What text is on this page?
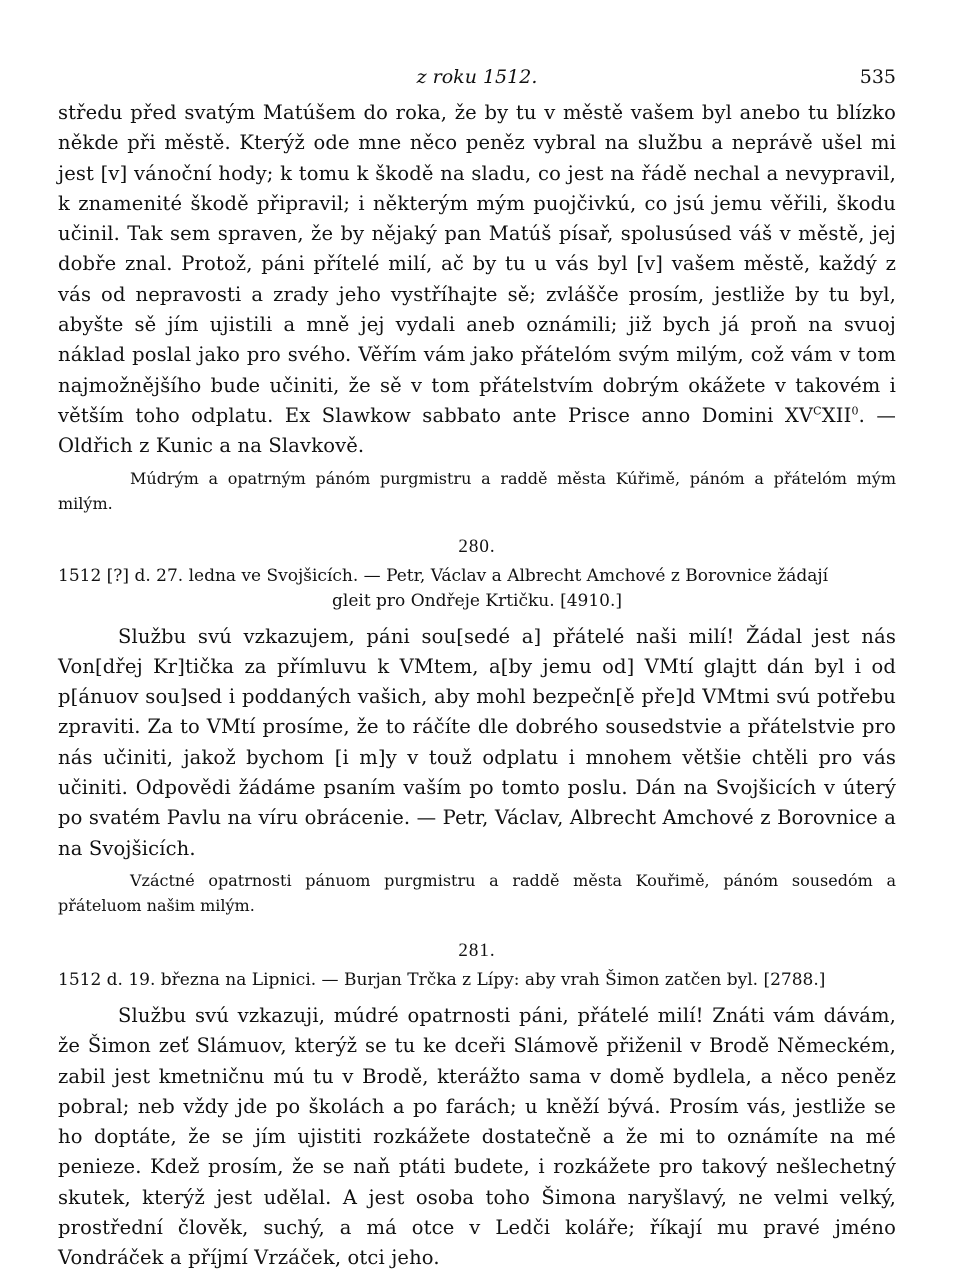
z roku 1512.	535

středu před svatým Matúšem do roka, že by tu v městě vašem byl anebo tu blízko někde při městě. Kterýž ode mne něco peněz vybral na službu a neprávě ušel mi jest [v] vánoční hody; k tomu k škodě na sladu, co jest na řádě nechal a nevypravil, k znamenité škodě připravil; i některým mým puojčivkú, co jsú jemu věřili, škodu učinil. Tak sem spraven, že by nějaký pan Matúš písař, spolusúsed váš v městě, jej dobře znal. Protož, páni přítelé milí, ač by tu u vás byl [v] vašem městě, každý z vás od nepravosti a zrady jeho vystříhajte sě; zvlášče prosím, jestliže by tu byl, abyšte sě jím ujistili a mně jej vydali aneb oznámili; již bych já proň na svuoj náklad poslal jako pro svého. Věřím vám jako přátelóm svým milým, což vám v tom najmožnějšího bude učiniti, že sě v tom přátelstvím dobrým okážete v takovém i větším toho odplatu. Ex Slawkow sabbato ante Prisce anno Domini $XV^CXII^0$. — Oldřich z Kunic a na Slavkově.

Múdrým a opatrným pánóm purgmistru a raddě města Kúřimě, pánóm a přátelóm mým milým.

280.
1512 [?] d. 27. ledna ve Svojšicích. — Petr, Václav a Albrecht Amchové z Borovnice žádají
gleit pro Ondřeje Krtičku. [4910.]

Službu svú vzkazujem, páni sou[sedé a] přátelé naši milí! Žádal jest nás Von[dřej Kr]tička za přímluvu k VMtem, a[by jemu od] VMtí glajtt dán byl i od p[ánuov sou]sed i poddaných vašich, aby mohl bezpečn[ě pře]d VMtmi svú potřebu zpraviti. Za to VMtí prosíme, že to ráčíte dle dobrého sousedstvie a přátelstvie pro nás učiniti, jakož bychom [i m]y v touž odplatu i mnohem většie chtěli pro vás učiniti. Odpovědi žádáme psaním vaším po tomto poslu. Dán na Svojšicích v úterý po svatém Pavlu na víru obrácenie. — Petr, Václav, Albrecht Amchové z Borovnice a na Svojšicích.

Vzáctné opatrnosti pánuom purgmistru a raddě města Kouřimě, pánóm sousedóm a přáteluom našim milým.

281.
1512 d. 19. března na Lipnici. — Burjan Trčka z Lípy: aby vrah Šimon zatčen byl. [2788.]

Službu svú vzkazuji, múdré opatrnosti páni, přátelé milí! Znáti vám dávám, že Šimon zeť Slámuov, kterýž se tu ke dceři Slámově přiženil v Brodě Německém, zabil jest kmetničnu mú tu v Brodě, kterážto sama v domě bydlela, a něco peněz pobral; neb vždy jde po školách a po farách; u kněží bývá. Prosím vás, jestliže se ho doptáte, že se jím ujistiti rozkážete dostatečně a že mi to oznámíte na mé penieze. Kdež prosím, že se naň ptáti budete, i rozkážete pro takový nešlechetný skutek, kterýž jest udělal. A jest osoba toho Šimona naryšlavý, ne velmi velký, prostřední člověk, suchý, a má otce v Ledči koláře; říkají mu pravé jméno Vondráček a příjmí Vrzáček, otci jeho.
